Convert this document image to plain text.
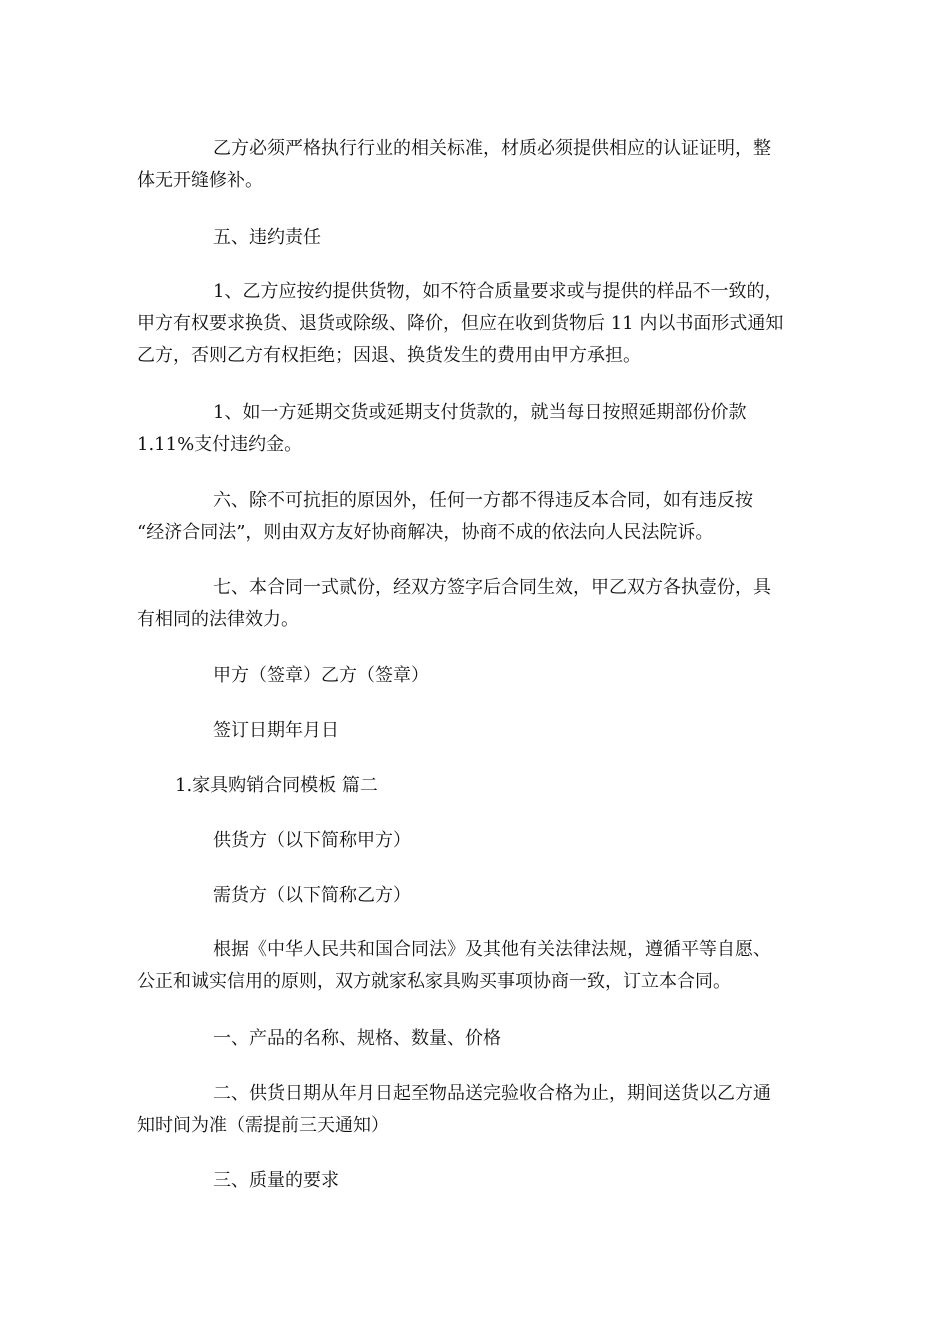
乙方必须严格执行行业的相关标准，材质必须提供相应的认证证明，整
体无开缝修补。

五、违约责任

1、乙方应按约提供货物，如不符合质量要求或与提供的样品不一致的，
甲方有权要求换货、退货或除级、降价，但应在收到货物后 11 内以书面形式通知
乙方，否则乙方有权拒绝；因退、换货发生的费用由甲方承担。

1、如一方延期交货或延期支付货款的，就当每日按照延期部份价款
1.11%支付违约金。

六、除不可抗拒的原因外，任何一方都不得违反本合同，如有违反按
“经济合同法”，则由双方友好协商解决，协商不成的依法向人民法院诉。

七、本合同一式贰份，经双方签字后合同生效，甲乙双方各执壹份，具
有相同的法律效力。

甲方（签章）乙方（签章）

签订日期年月日

1.家具购销合同模板 篇二

供货方（以下简称甲方）

需货方（以下简称乙方）

根据《中华人民共和国合同法》及其他有关法律法规，遵循平等自愿、
公正和诚实信用的原则，双方就家私家具购买事项协商一致，订立本合同。

一、产品的名称、规格、数量、价格

二、供货日期从年月日起至物品送完验收合格为止，期间送货以乙方通
知时间为准（需提前三天通知）

三、质量的要求
